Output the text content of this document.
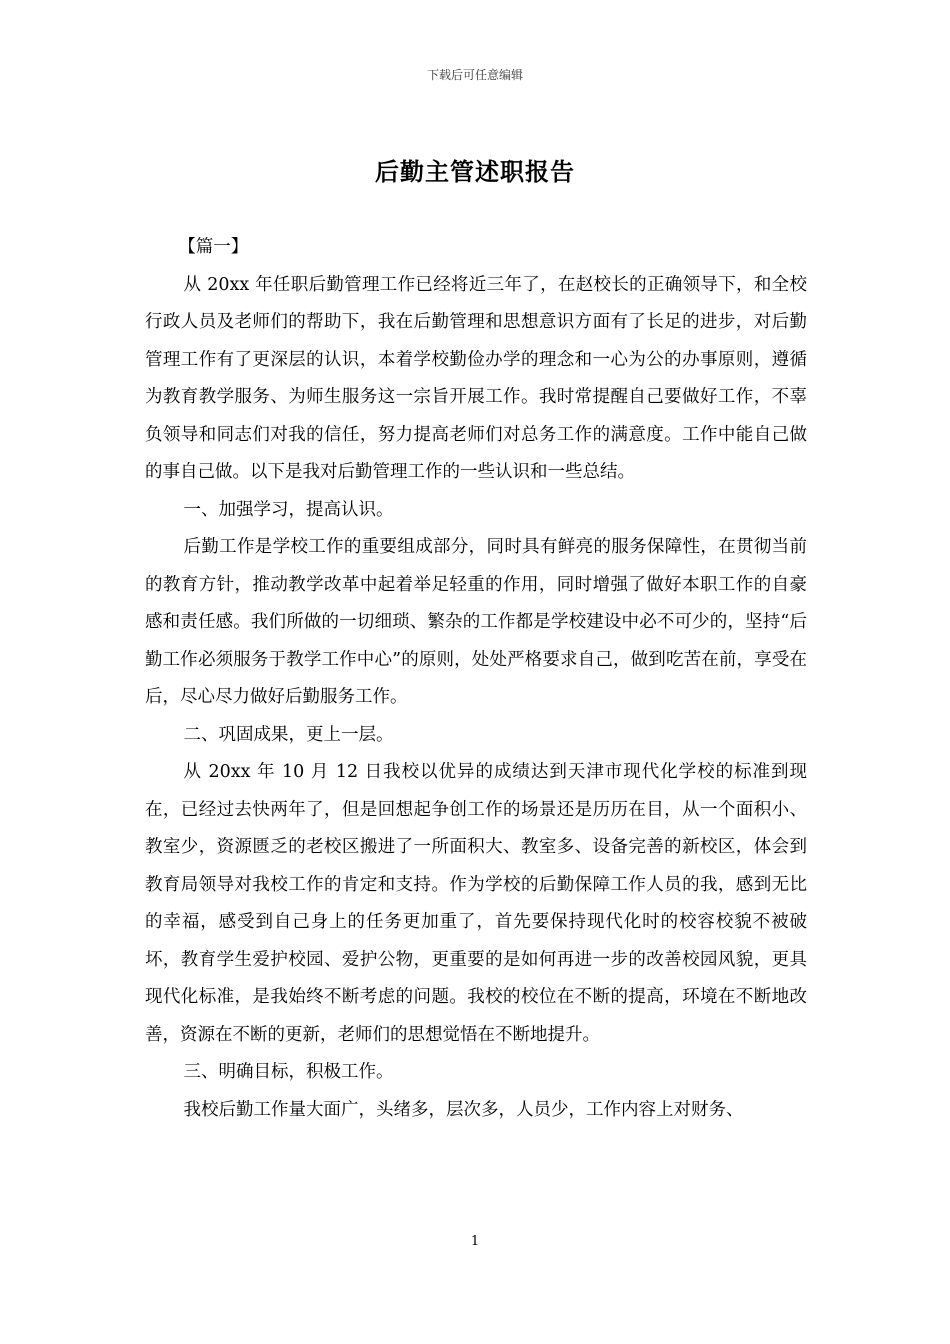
下载后可任意编辑
后勤主管述职报告

【篇一】

从 20xx 年任职后勤管理工作已经将近三年了，在赵校长的正确领导下，和全校行政人员及老师们的帮助下，我在后勤管理和思想意识方面有了长足的进步，对后勤管理工作有了更深层的认识，本着学校勤俭办学的理念和一心为公的办事原则，遵循为教育教学服务、为师生服务这一宗旨开展工作。我时常提醒自己要做好工作，不辜负领导和同志们对我的信任，努力提高老师们对总务工作的满意度。工作中能自己做的事自己做。以下是我对后勤管理工作的一些认识和一些总结。

一、加强学习，提高认识。

后勤工作是学校工作的重要组成部分，同时具有鲜亮的服务保障性，在贯彻当前的教育方针，推动教学改革中起着举足轻重的作用，同时增强了做好本职工作的自豪感和责任感。我们所做的一切细琐、繁杂的工作都是学校建设中必不可少的，坚持“后勤工作必须服务于教学工作中心”的原则，处处严格要求自己，做到吃苦在前，享受在后，尽心尽力做好后勤服务工作。

二、巩固成果，更上一层。

从 20xx 年 10 月 12 日我校以优异的成绩达到天津市现代化学校的标准到现在，已经过去快两年了，但是回想起争创工作的场景还是历历在目，从一个面积小、教室少，资源匮乏的老校区搬进了一所面积大、教室多、设备完善的新校区，体会到教育局领导对我校工作的肯定和支持。作为学校的后勤保障工作人员的我，感到无比的幸福，感受到自己身上的任务更加重了，首先要保持现代化时的校容校貌不被破坏，教育学生爱护校园、爱护公物，更重要的是如何再进一步的改善校园风貌，更具现代化标准，是我始终不断考虑的问题。我校的校位在不断的提高，环境在不断地改善，资源在不断的更新，老师们的思想觉悟在不断地提升。

三、明确目标，积极工作。

我校后勤工作量大面广，头绪多，层次多，人员少，工作内容上对财务、

1
